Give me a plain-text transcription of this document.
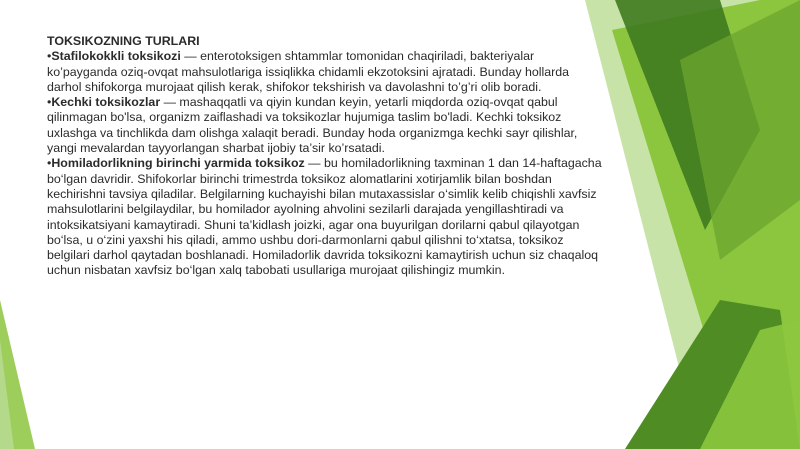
TOKSIKOZNING TURLARI

•Stafilokokkli toksikozi — enterotoksigen shtammlar tomonidan chaqiriladi, bakteriyalar ko’payganda oziq-ovqat mahsulotlariga issiqlikka chidamli ekzotoksini ajratadi. Bunday hollarda darhol shifokorga murojaat qilish kerak, shifokor tekshirish va davolashni to’g’ri olib boradi.

•Kechki toksikozlar — mashaqqatli va qiyin kundan keyin, yetarli miqdorda oziq-ovqat qabul qilinmagan bo'lsa, organizm zaiflashadi va toksikozlar hujumiga taslim bo'ladi. Kechki toksikoz uxlashga va tinchlikda dam olishga xalaqit beradi. Bunday hoda organizmga kechki sayr qilishlar, yangi mevalardan tayyorlangan sharbat ijobiy ta’sir ko’rsatadi.

•Homiladorlikning birinchi yarmida toksikoz — bu homiladorlikning taxminan 1 dan 14-haftagacha bo‘lgan davridir. Shifokorlar birinchi trimestrda toksikoz alomatlarini xotirjamlik bilan boshdan kechirishni tavsiya qiladilar. Belgilarning kuchayishi bilan mutaxassislar o‘simlik kelib chiqishli xavfsiz mahsulotlarini belgilaydilar, bu homilador ayolning ahvolini sezilarli darajada yengillashtiradi va intoksikatsiyani kamaytiradi. Shuni ta’kidlash joizki, agar ona buyurilgan dorilarni qabul qilayotgan bo‘lsa, u o‘zini yaxshi his qiladi, ammo ushbu dori-darmonlarni qabul qilishni to‘xtatsa, toksikoz belgilari darhol qaytadan boshlanadi. Homiladorlik davrida toksikozni kamaytirish uchun siz chaqaloq uchun nisbatan xavfsiz bo‘lgan xalq tabobati usullariga murojaat qilishingiz mumkin.
